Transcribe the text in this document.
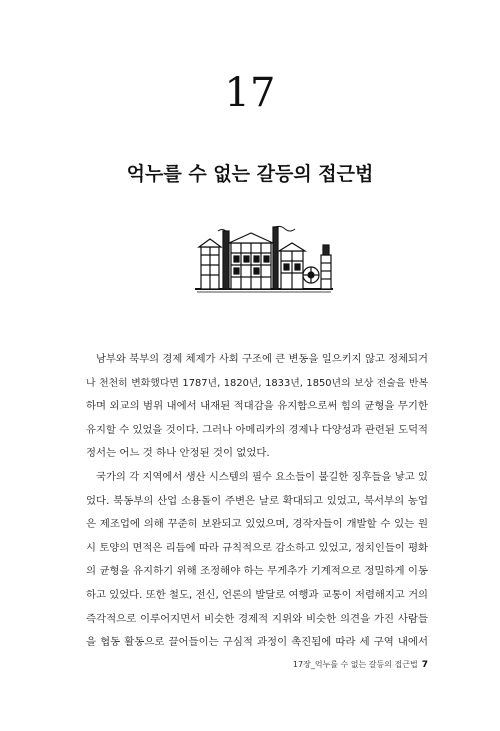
17
억누를 수 없는 갈등의 접근법

남부와 북부의 경제 체제가 사회 구조에 큰 변동을 일으키지 않고 정체되거
나 천천히 변화했다면 1787년, 1820년, 1833년, 1850년의 보상 전술을 반복
하며 외교의 범위 내에서 내재된 적대감을 유지함으로써 힘의 균형을 무기한
유지할 수 있었을 것이다. 그러나 아메리카의 경제나 다양성과 관련된 도덕적
정서는 어느 것 하나 안정된 것이 없었다.

국가의 각 지역에서 생산 시스템의 필수 요소들이 불길한 징후들을 낳고 있
었다. 북동부의 산업 소용돌이 주변은 날로 확대되고 있었고, 북서부의 농업
은 제조업에 의해 꾸준히 보완되고 있었으며, 경작자들이 개발할 수 있는 원
시 토양의 면적은 리듬에 따라 규칙적으로 감소하고 있었고, 정치인들이 평화
의 균형을 유지하기 위해 조정해야 하는 무게추가 기계적으로 정밀하게 이동
하고 있었다. 또한 철도, 전신, 언론의 발달로 여행과 교통이 저렴해지고 거의
즉각적으로 이루어지면서 비슷한 경제적 지위와 비슷한 의견을 가진 사람들
을 협동 활동으로 끌어들이는 구심적 과정이 촉진됨에 따라 세 구역 내에서

17장_억누를 수 없는 갈등의 접근법 7
